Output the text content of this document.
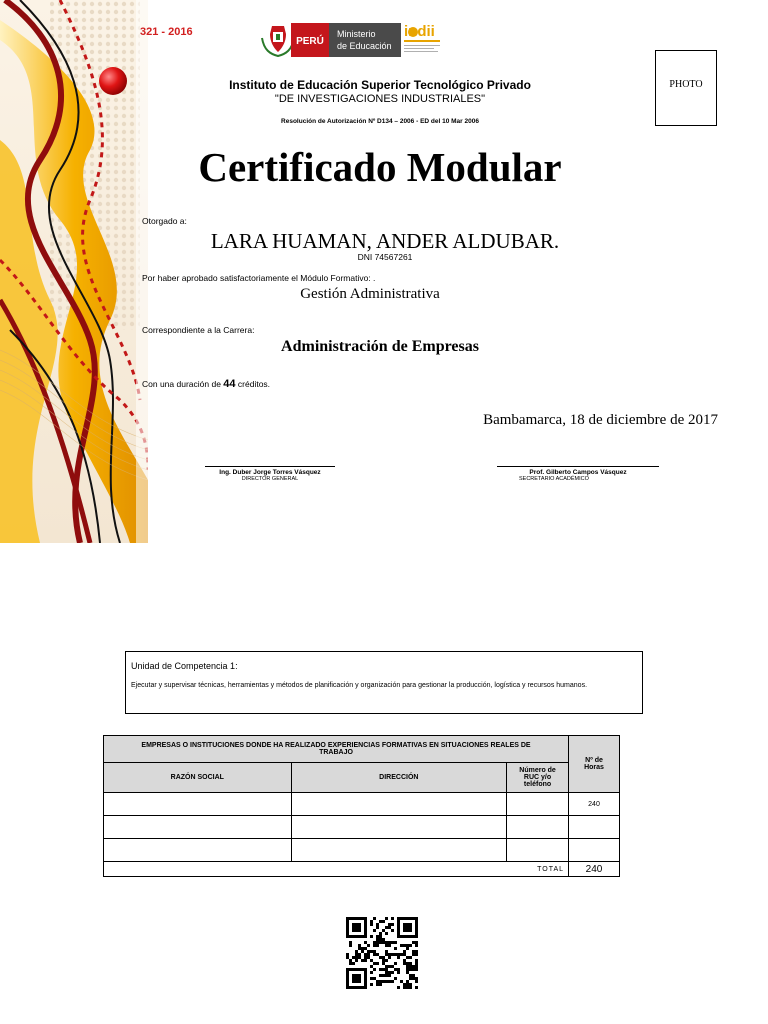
321 - 2016
PERÚ
Ministerio
de Educación
indii
PHOTO
Instituto de Educación Superior Tecnológico Privado
"DE INVESTIGACIONES INDUSTRIALES"
Resolución de Autorización Nº D134 – 2006 - ED del 10 Mar 2006
Certificado Modular
Otorgado a:
LARA HUAMAN, ANDER ALDUBAR.
DNI 74567261
Por haber aprobado satisfactoriamente el Módulo Formativo: .
Gestión Administrativa
Correspondiente a la Carrera:
Administración de Empresas
Con una duración de 44 créditos.
Bambamarca, 18 de diciembre de 2017
Ing. Duber Jorge Torres Vásquez
DIRECTOR GENERAL
Prof. Gilberto Campos Vásquez
SECRETARIO ACADÉMICO
Unidad de Competencia 1:
Ejecutar y supervisar técnicas, herramientas y métodos de planificación y organización para gestionar la producción, logística y recursos humanos.
EMPRESAS O INSTITUCIONES DONDE HA REALIZADO EXPERIENCIAS FORMATIVAS EN SITUACIONES REALES DE TRABAJO			Nº de Horas
RAZÓN SOCIAL	DIRECCIÓN	Número de RUC y/o teléfono	
			240

TOTAL			240
